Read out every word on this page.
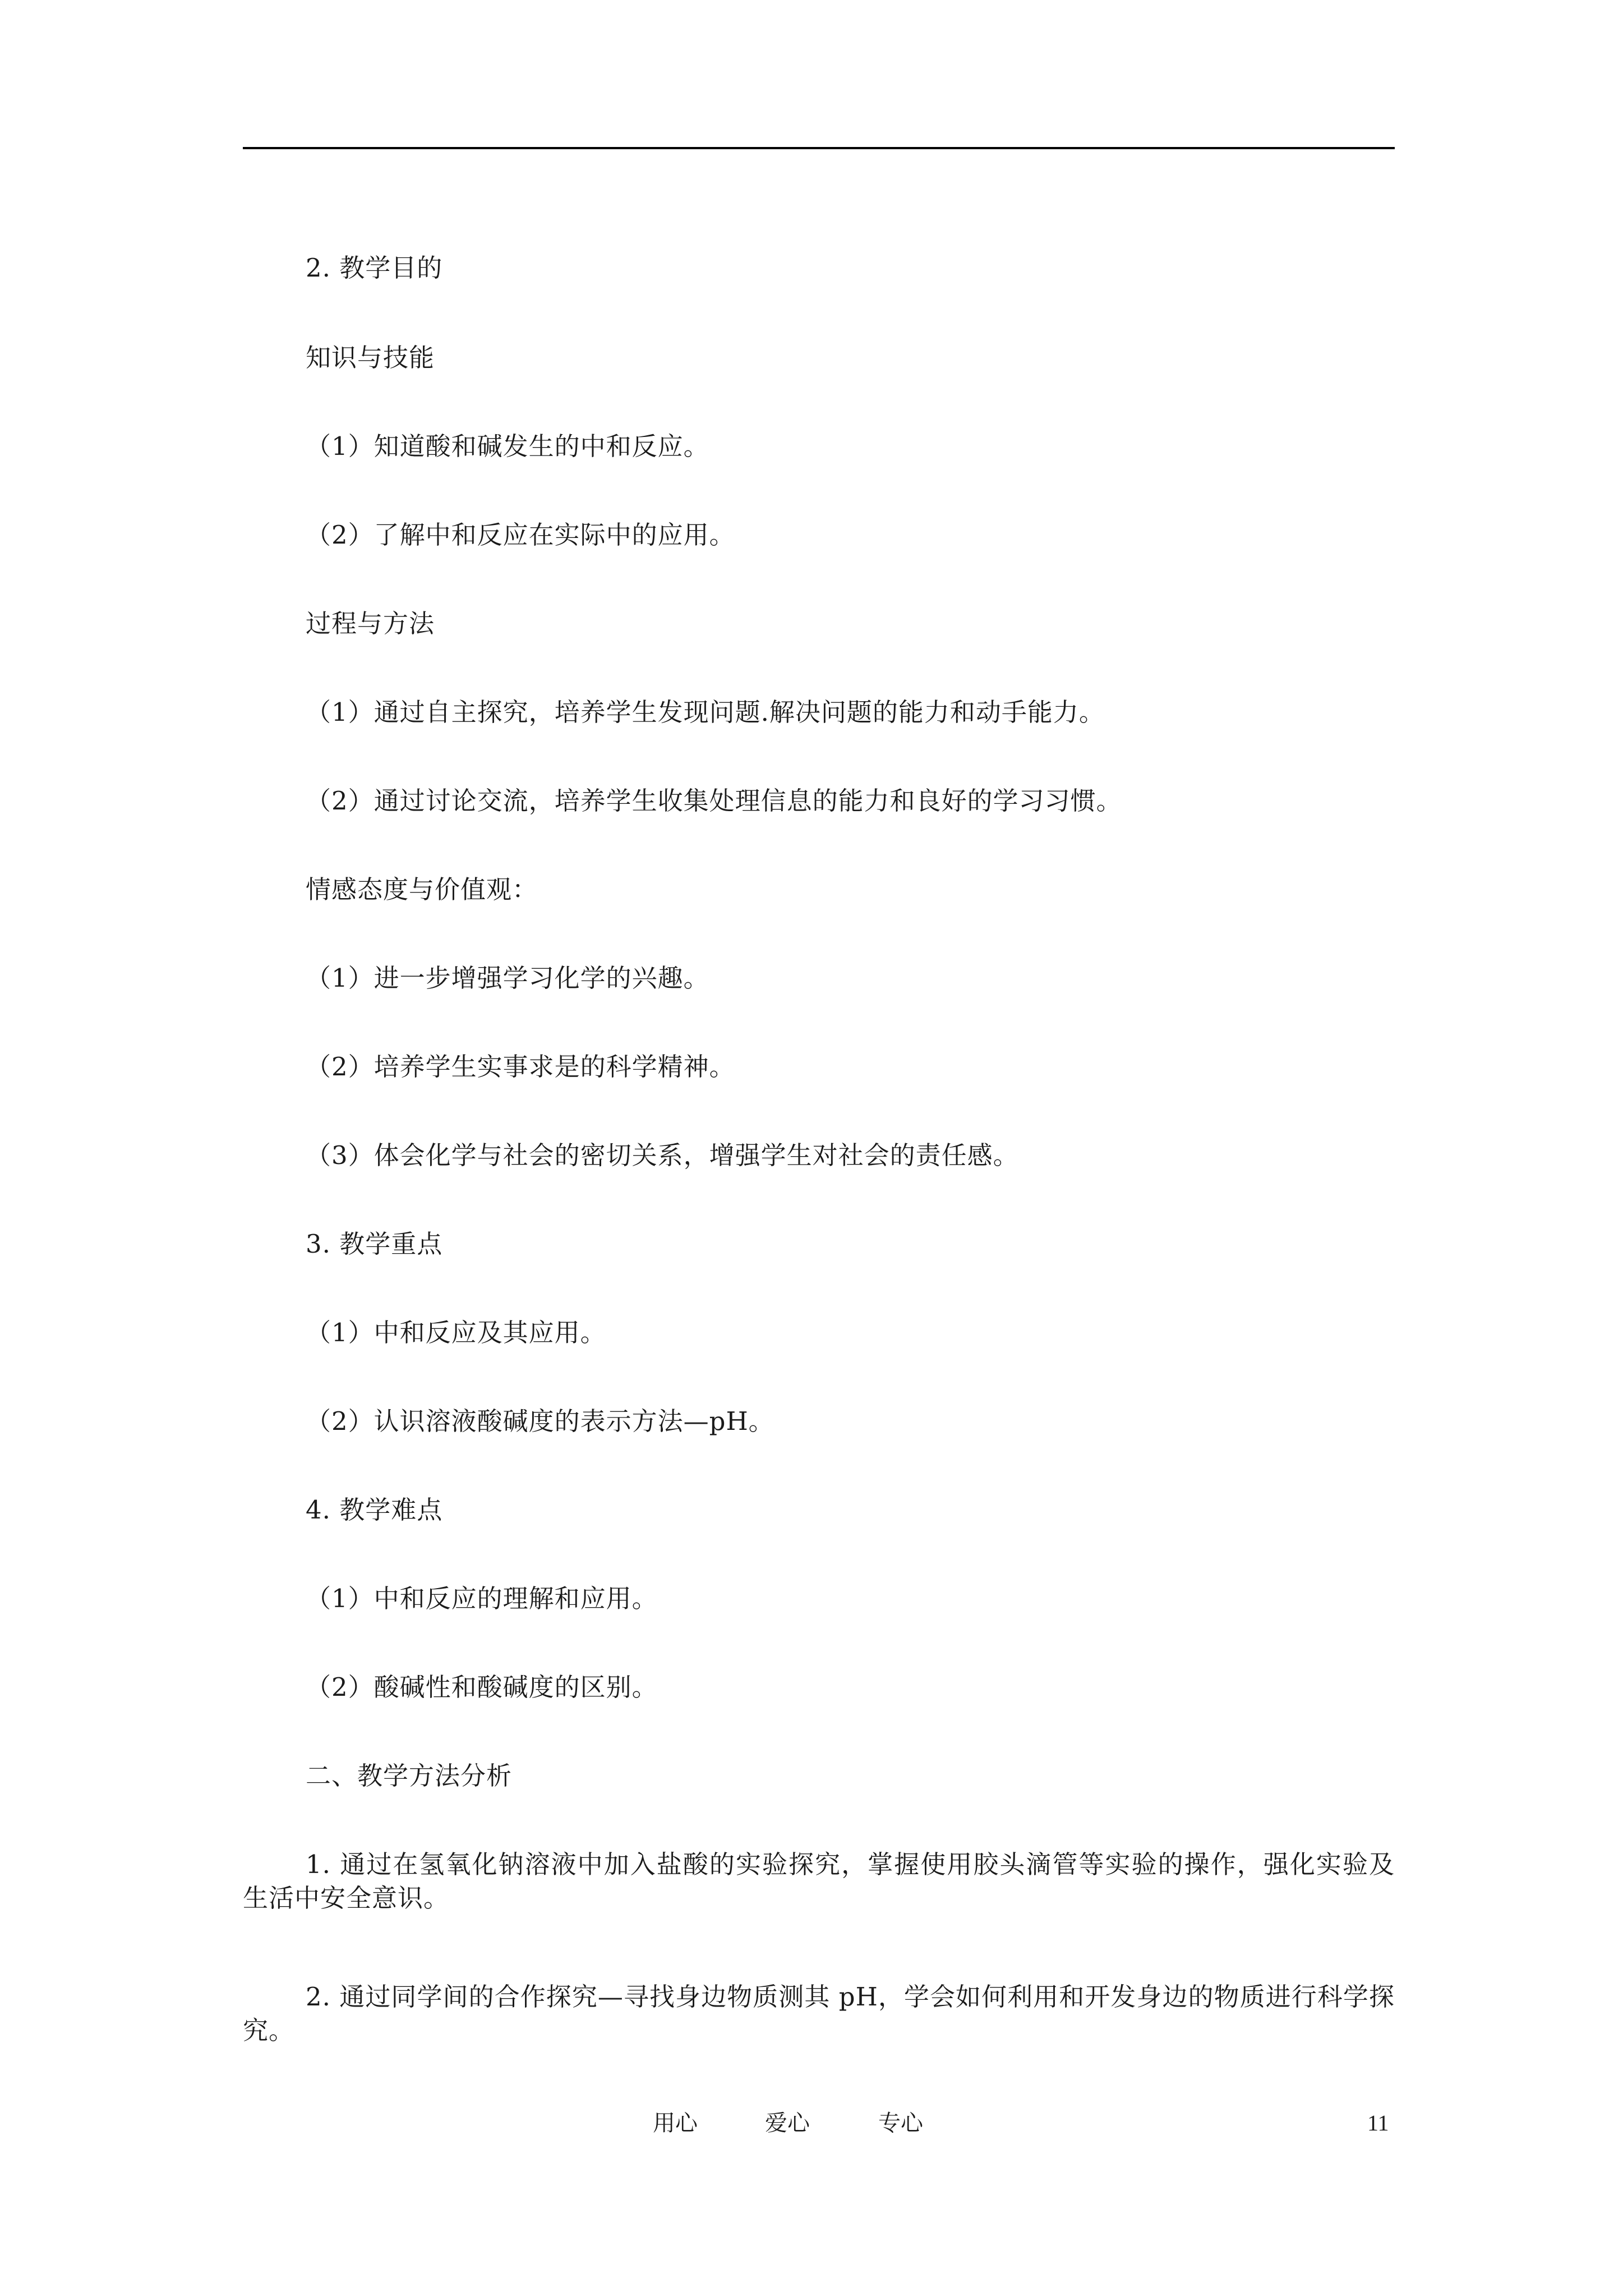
2. 教学目的
知识与技能
（1）知道酸和碱发生的中和反应。
（2）了解中和反应在实际中的应用。
过程与方法
（1）通过自主探究，培养学生发现问题.解决问题的能力和动手能力。
（2）通过讨论交流，培养学生收集处理信息的能力和良好的学习习惯。
情感态度与价值观：
（1）进一步增强学习化学的兴趣。
（2）培养学生实事求是的科学精神。
（3）体会化学与社会的密切关系，增强学生对社会的责任感。
3. 教学重点
（1）中和反应及其应用。
（2）认识溶液酸碱度的表示方法—pH。
4. 教学难点
（1）中和反应的理解和应用。
（2）酸碱性和酸碱度的区别。
二、教学方法分析
1. 通过在氢氧化钠溶液中加入盐酸的实验探究，掌握使用胶头滴管等实验的操作，强化实验及生活中安全意识。
2. 通过同学间的合作探究—寻找身边物质测其 pH，学会如何利用和开发身边的物质进行科学探究。
用心	爱心	专心	11
